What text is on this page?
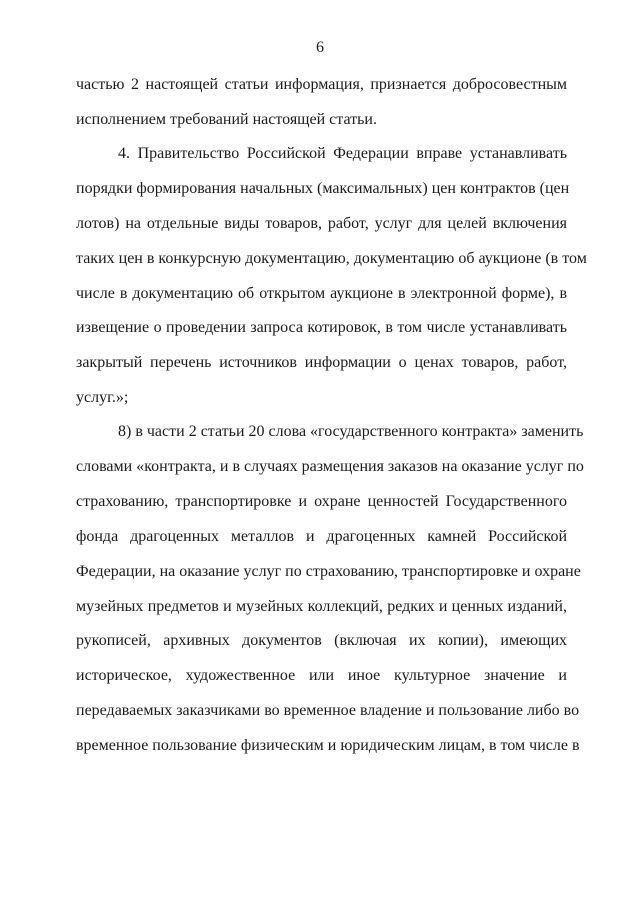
6
частью 2 настоящей статьи информация, признается добросовестным
исполнением требований настоящей статьи.
4. Правительство Российской Федерации вправе устанавливать
порядки формирования начальных (максимальных) цен контрактов (цен
лотов) на отдельные виды товаров, работ, услуг для целей включения
таких цен в конкурсную документацию, документацию об аукционе (в том
числе в документацию об открытом аукционе в электронной форме), в
извещение о проведении запроса котировок, в том числе устанавливать
закрытый перечень источников информации о ценах товаров, работ,
услуг.»;
8) в части 2 статьи 20 слова «государственного контракта» заменить
словами «контракта, и в случаях размещения заказов на оказание услуг по
страхованию, транспортировке и охране ценностей Государственного
фонда драгоценных металлов и драгоценных камней Российской
Федерации, на оказание услуг по страхованию, транспортировке и охране
музейных предметов и музейных коллекций, редких и ценных изданий,
рукописей, архивных документов (включая их копии), имеющих
историческое, художественное или иное культурное значение и
передаваемых заказчиками во временное владение и пользование либо во
временное пользование физическим и юридическим лицам, в том числе в
